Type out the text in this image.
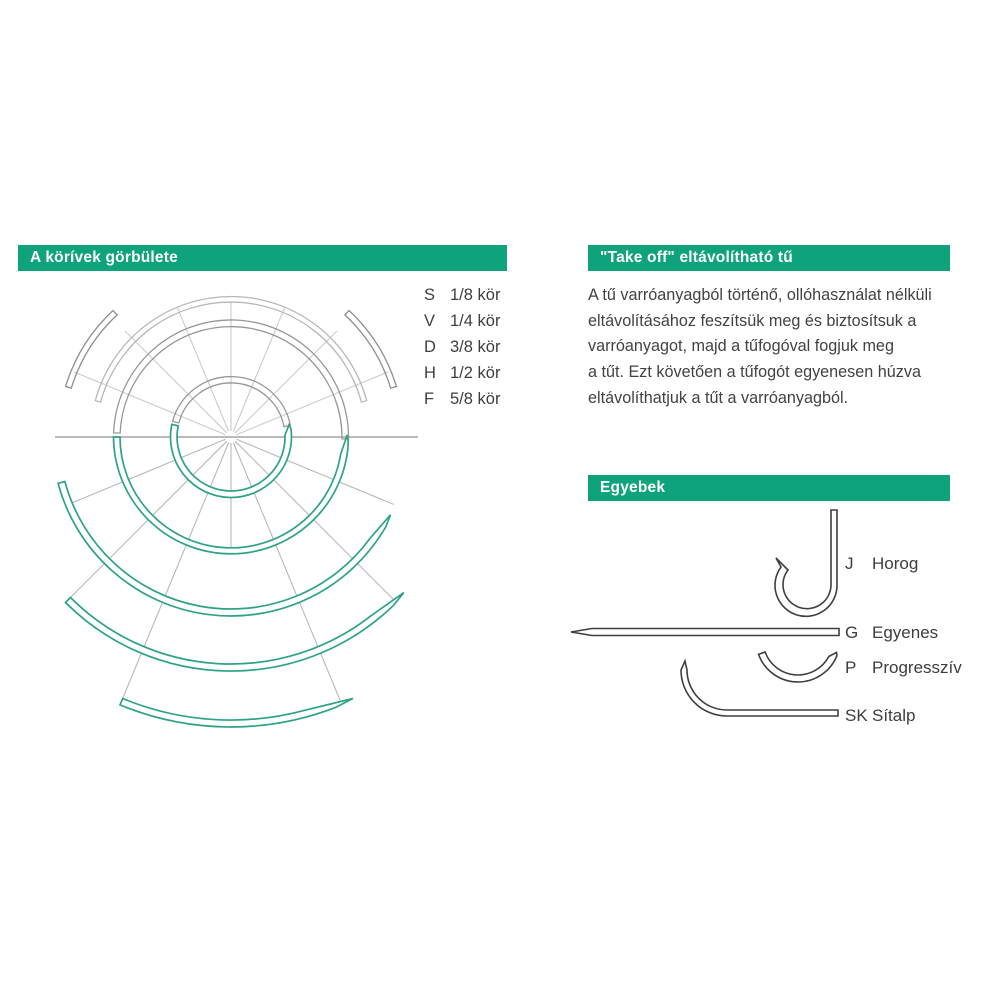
A körívek görbülete	"Take off" eltávolítható tű
Egyebek
S 1/8 kör
V 1/4 kör
D 3/8 kör
H 1/2 kör
F 5/8 kör
A tű varróanyagból történő, ollóhasználat nélküli
eltávolításához feszítsük meg és biztosítsuk a
varróanyagot, majd a tűfogóval fogjuk meg
a tűt. Ezt követően a tűfogót egyenesen húzva
eltávolíthatjuk a tűt a varróanyagból.
J Horog
G Egyenes
P Progresszív
SK Sítalp
